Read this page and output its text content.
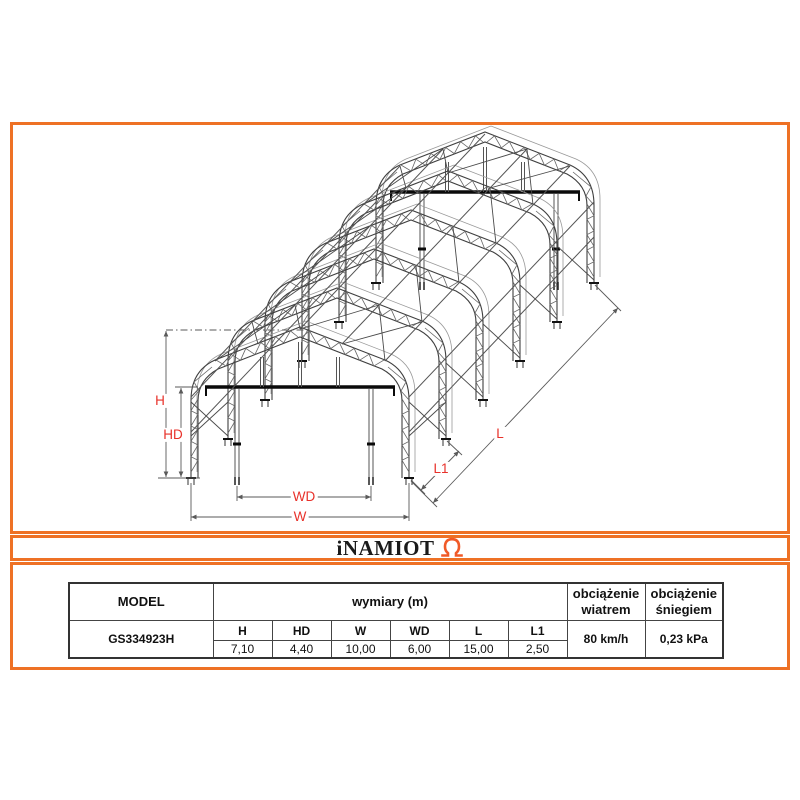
H
HD
WD
W
L1
L
iNAMIOT
MODEL	wymiary (m)						obciążenie wiatrem	obciążenie śniegiem
GS334923H	H	HD	W	WD	L	L1	80 km/h	0,23 kPa
	7,10	4,40	10,00	6,00	15,00	2,50		
